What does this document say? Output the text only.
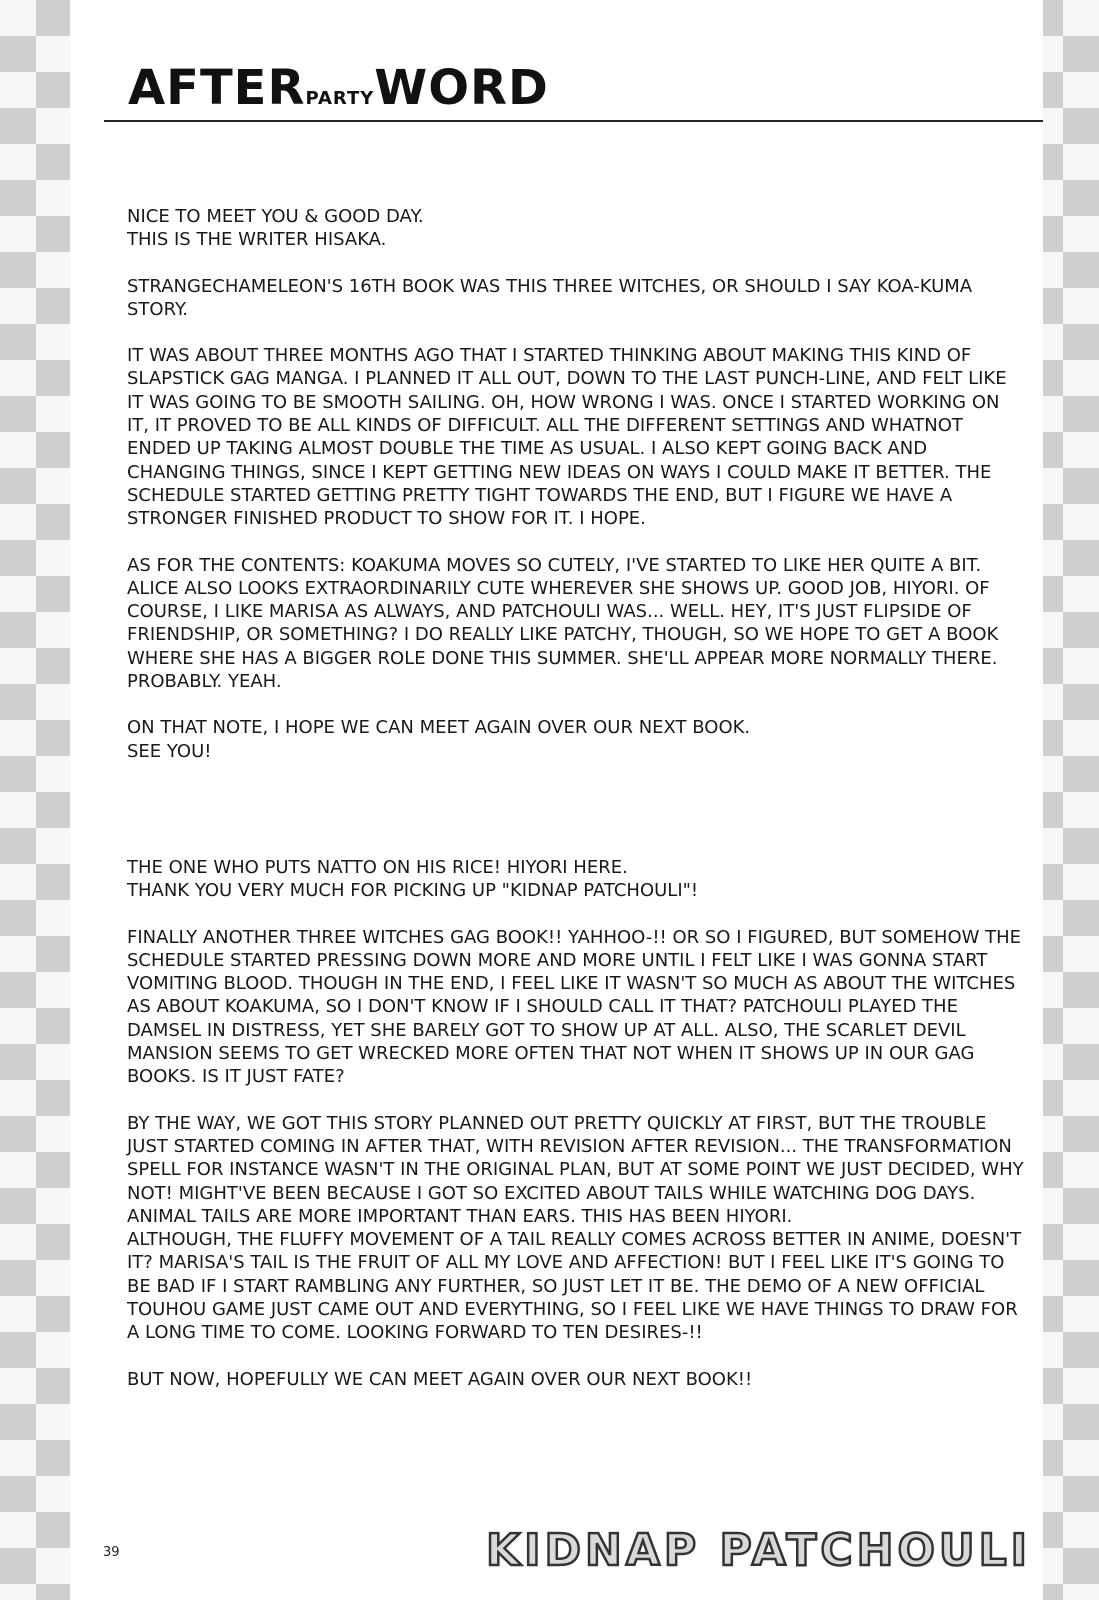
AFTERPARTYWORD

NICE TO MEET YOU & GOOD DAY.

THIS IS THE WRITER HISAKA.

STRANGECHAMELEON'S 16TH BOOK WAS THIS THREE WITCHES, OR SHOULD I SAY KOA-KUMA STORY.

IT WAS ABOUT THREE MONTHS AGO THAT I STARTED THINKING ABOUT MAKING THIS KIND OF SLAPSTICK GAG MANGA. I PLANNED IT ALL OUT, DOWN TO THE LAST PUNCH-LINE, AND FELT LIKE IT WAS GOING TO BE SMOOTH SAILING. OH, HOW WRONG I WAS. ONCE I STARTED WORKING ON IT, IT PROVED TO BE ALL KINDS OF DIFFICULT. ALL THE DIFFERENT SETTINGS AND WHATNOT ENDED UP TAKING ALMOST DOUBLE THE TIME AS USUAL. I ALSO KEPT GOING BACK AND CHANGING THINGS, SINCE I KEPT GETTING NEW IDEAS ON WAYS I COULD MAKE IT BETTER. THE SCHEDULE STARTED GETTING PRETTY TIGHT TOWARDS THE END, BUT I FIGURE WE HAVE A STRONGER FINISHED PRODUCT TO SHOW FOR IT. I HOPE.

AS FOR THE CONTENTS: KOAKUMA MOVES SO CUTELY, I'VE STARTED TO LIKE HER QUITE A BIT. ALICE ALSO LOOKS EXTRAORDINARILY CUTE WHEREVER SHE SHOWS UP. GOOD JOB, HIYORI. OF COURSE, I LIKE MARISA AS ALWAYS, AND PATCHOULI WAS... WELL. HEY, IT'S JUST FLIPSIDE OF FRIENDSHIP, OR SOMETHING? I DO REALLY LIKE PATCHY, THOUGH, SO WE HOPE TO GET A BOOK WHERE SHE HAS A BIGGER ROLE DONE THIS SUMMER. SHE'LL APPEAR MORE NORMALLY THERE. PROBABLY. YEAH.

ON THAT NOTE, I HOPE WE CAN MEET AGAIN OVER OUR NEXT BOOK.

SEE YOU!

THE ONE WHO PUTS NATTO ON HIS RICE! HIYORI HERE.

THANK YOU VERY MUCH FOR PICKING UP "KIDNAP PATCHOULI"!

FINALLY ANOTHER THREE WITCHES GAG BOOK!! YAHHOO-!! OR SO I FIGURED, BUT SOMEHOW THE SCHEDULE STARTED PRESSING DOWN MORE AND MORE UNTIL I FELT LIKE I WAS GONNA START VOMITING BLOOD. THOUGH IN THE END, I FEEL LIKE IT WASN'T SO MUCH AS ABOUT THE WITCHES AS ABOUT KOAKUMA, SO I DON'T KNOW IF I SHOULD CALL IT THAT? PATCHOULI PLAYED THE DAMSEL IN DISTRESS, YET SHE BARELY GOT TO SHOW UP AT ALL. ALSO, THE SCARLET DEVIL MANSION SEEMS TO GET WRECKED MORE OFTEN THAT NOT WHEN IT SHOWS UP IN OUR GAG BOOKS. IS IT JUST FATE?

BY THE WAY, WE GOT THIS STORY PLANNED OUT PRETTY QUICKLY AT FIRST, BUT THE TROUBLE JUST STARTED COMING IN AFTER THAT, WITH REVISION AFTER REVISION... THE TRANSFORMATION SPELL FOR INSTANCE WASN'T IN THE ORIGINAL PLAN, BUT AT SOME POINT WE JUST DECIDED, WHY NOT! MIGHT'VE BEEN BECAUSE I GOT SO EXCITED ABOUT TAILS WHILE WATCHING DOG DAYS. ANIMAL TAILS ARE MORE IMPORTANT THAN EARS. THIS HAS BEEN HIYORI.

ALTHOUGH, THE FLUFFY MOVEMENT OF A TAIL REALLY COMES ACROSS BETTER IN ANIME, DOESN'T IT? MARISA'S TAIL IS THE FRUIT OF ALL MY LOVE AND AFFECTION! BUT I FEEL LIKE IT'S GOING TO BE BAD IF I START RAMBLING ANY FURTHER, SO JUST LET IT BE. THE DEMO OF A NEW OFFICIAL TOUHOU GAME JUST CAME OUT AND EVERYTHING, SO I FEEL LIKE WE HAVE THINGS TO DRAW FOR A LONG TIME TO COME. LOOKING FORWARD TO TEN DESIRES-!!

BUT NOW, HOPEFULLY WE CAN MEET AGAIN OVER OUR NEXT BOOK!!

39	KIDNAP PATCHOULI
